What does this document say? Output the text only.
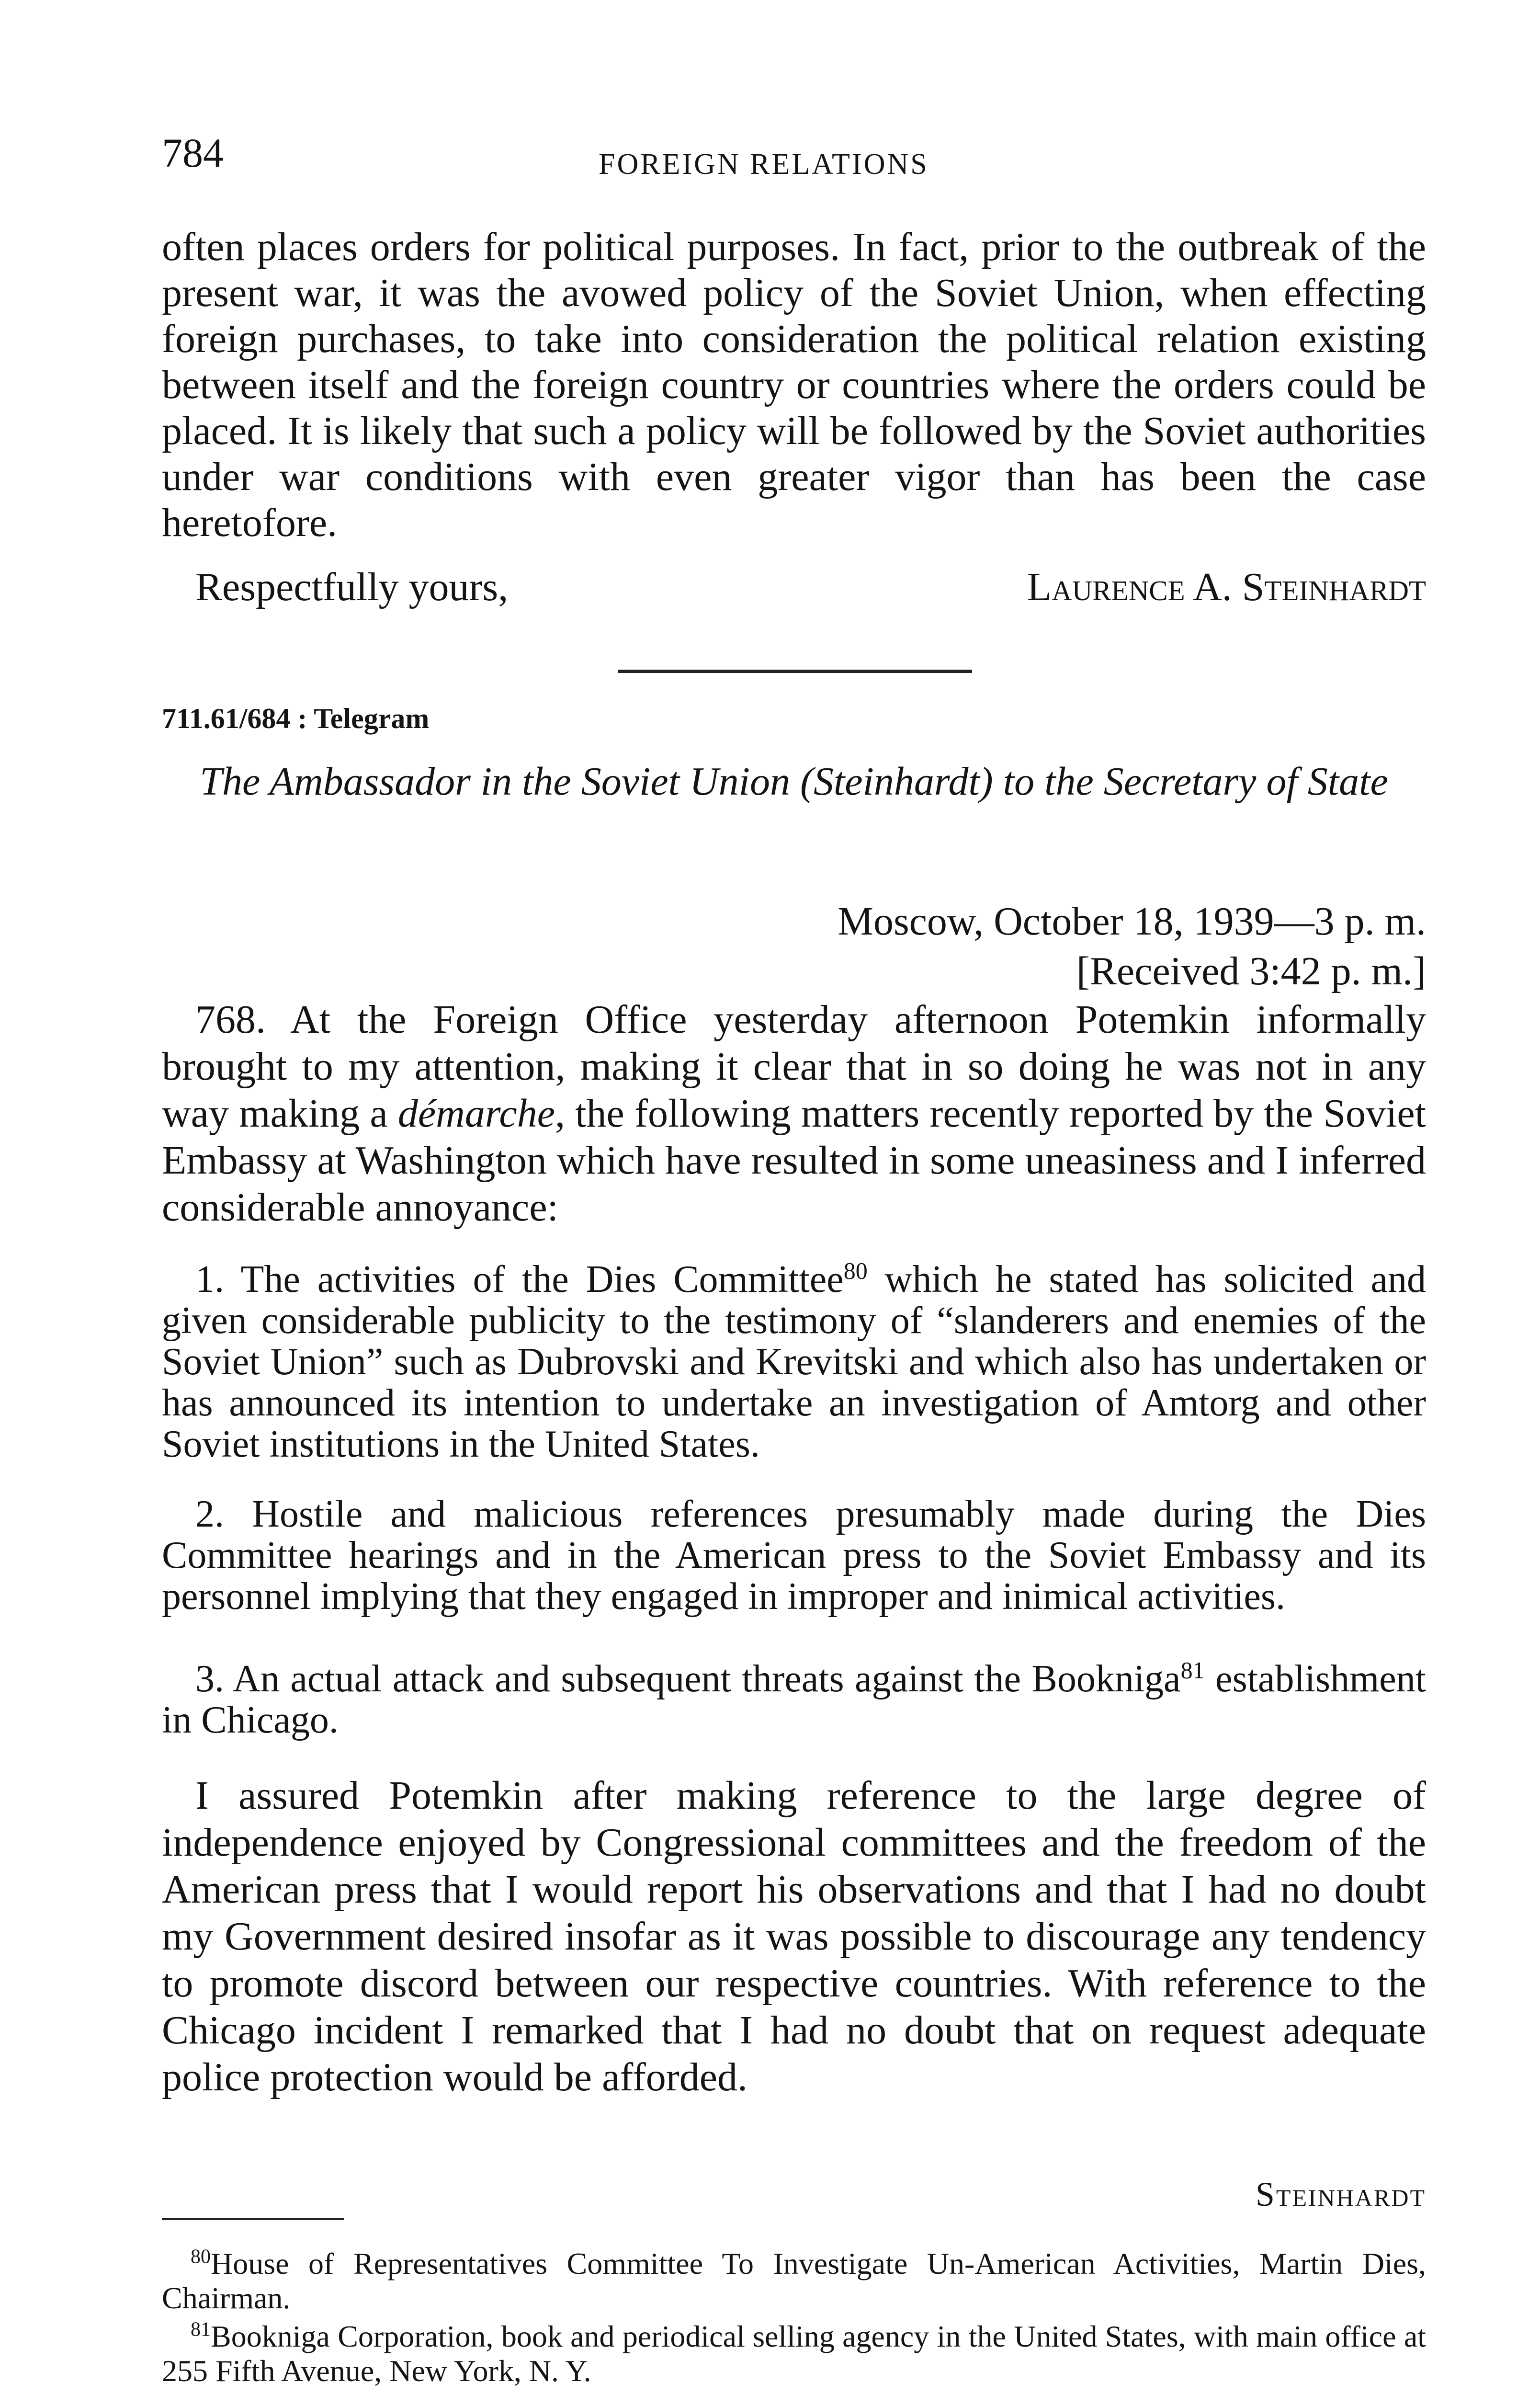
784	FOREIGN RELATIONS
often places orders for political purposes. In fact, prior to the outbreak of the present war, it was the avowed policy of the Soviet Union, when effecting foreign purchases, to take into consideration the political relation existing between itself and the foreign country or countries where the orders could be placed. It is likely that such a policy will be followed by the Soviet authorities under war conditions with even greater vigor than has been the case heretofore.
Respectfully yours,	Laurence A. Steinhardt
711.61/684 : Telegram
The Ambassador in the Soviet Union (Steinhardt) to the Secretary of State
Moscow, October 18, 1939—3 p. m.
[Received 3:42 p. m.]
768. At the Foreign Office yesterday afternoon Potemkin informally brought to my attention, making it clear that in so doing he was not in any way making a démarche, the following matters recently reported by the Soviet Embassy at Washington which have resulted in some uneasiness and I inferred considerable annoyance:
1. The activities of the Dies Committee$^{80}$ which he stated has solicited and given considerable publicity to the testimony of “slanderers and enemies of the Soviet Union” such as Dubrovski and Krevitski and which also has undertaken or has announced its intention to undertake an investigation of Amtorg and other Soviet institutions in the United States.
2. Hostile and malicious references presumably made during the Dies Committee hearings and in the American press to the Soviet Embassy and its personnel implying that they engaged in improper and inimical activities.
3. An actual attack and subsequent threats against the Bookniga$^{81}$ establishment in Chicago.
I assured Potemkin after making reference to the large degree of independence enjoyed by Congressional committees and the freedom of the American press that I would report his observations and that I had no doubt my Government desired insofar as it was possible to discourage any tendency to promote discord between our respective countries. With reference to the Chicago incident I remarked that I had no doubt that on request adequate police protection would be afforded.
Steinhardt
$^{80}$House of Representatives Committee To Investigate Un-American Activities, Martin Dies, Chairman.
$^{81}$Bookniga Corporation, book and periodical selling agency in the United States, with main office at 255 Fifth Avenue, New York, N. Y.
